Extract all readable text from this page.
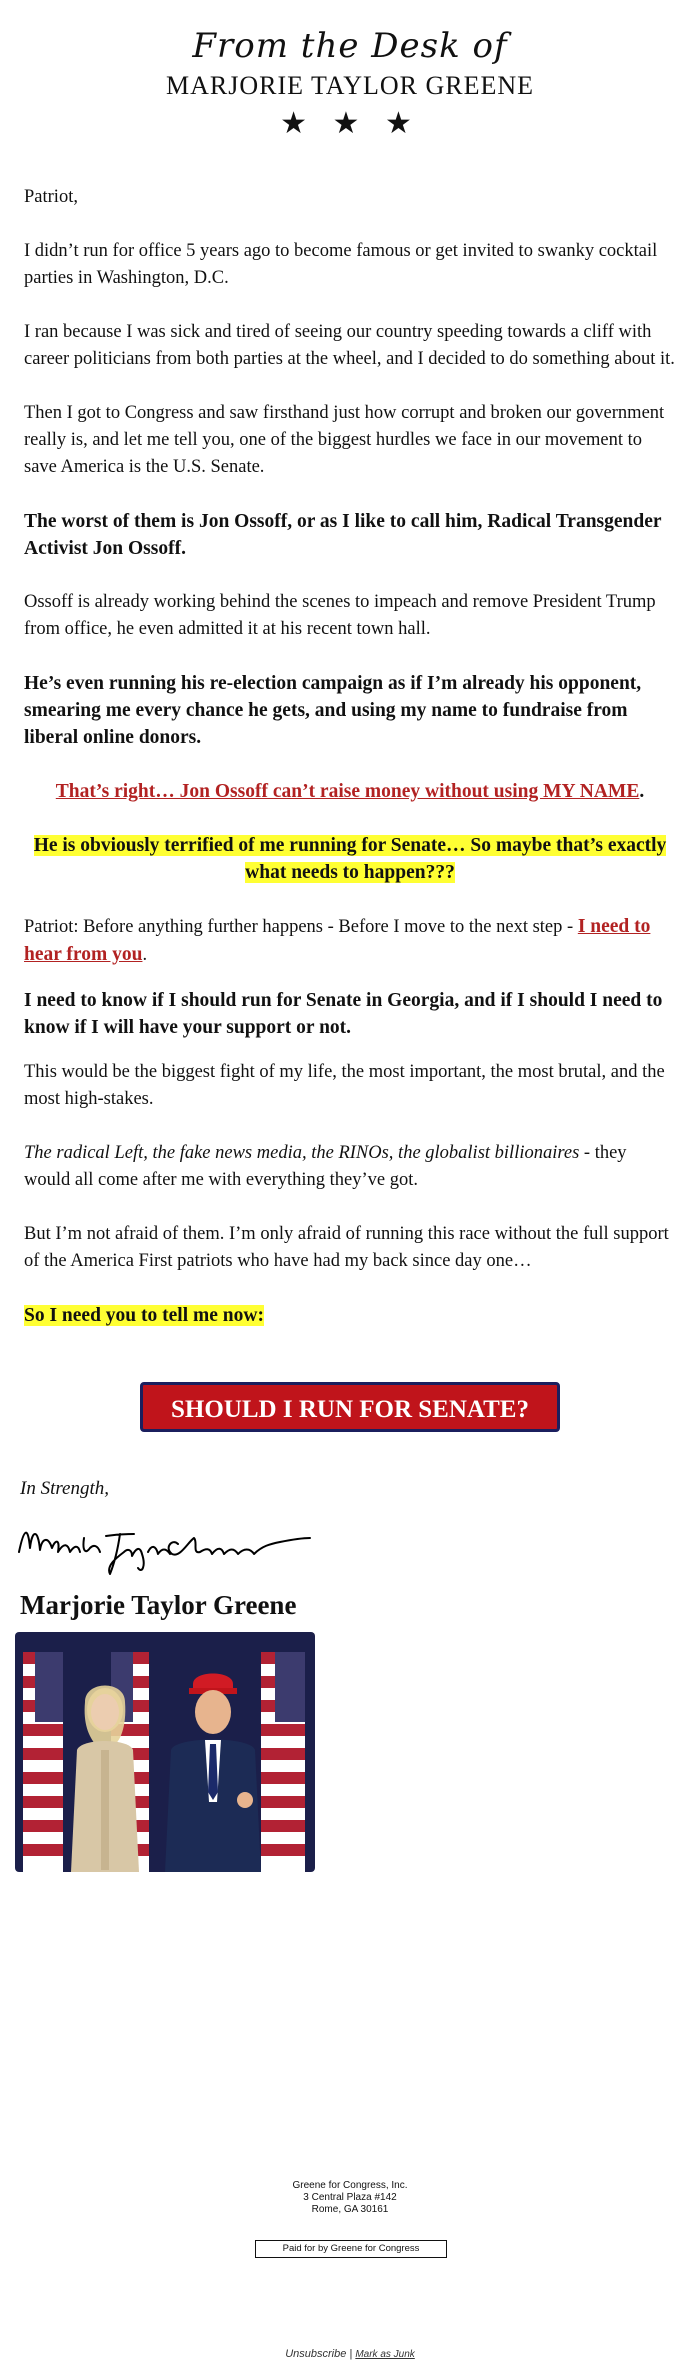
From the Desk of
MARJORIE TAYLOR GREENE
★ ★ ★

Patriot,

I didn’t run for office 5 years ago to become famous or get invited to swanky cocktail parties in Washington, D.C.

I ran because I was sick and tired of seeing our country speeding towards a cliff with career politicians from both parties at the wheel, and I decided to do something about it.

Then I got to Congress and saw firsthand just how corrupt and broken our government really is, and let me tell you, one of the biggest hurdles we face in our movement to save America is the U.S. Senate.

The worst of them is Jon Ossoff, or as I like to call him, Radical Transgender Activist Jon Ossoff.

Ossoff is already working behind the scenes to impeach and remove President Trump from office, he even admitted it at his recent town hall.

He’s even running his re-election campaign as if I’m already his opponent, smearing me every chance he gets, and using my name to fundraise from liberal online donors.

That’s right… Jon Ossoff can’t raise money without using MY NAME.

He is obviously terrified of me running for Senate… So maybe that’s exactly what needs to happen???

Patriot: Before anything further happens - Before I move to the next step - I need to hear from you.

I need to know if I should run for Senate in Georgia, and if I should I need to know if I will have your support or not.

This would be the biggest fight of my life, the most important, the most brutal, and the most high-stakes.

The radical Left, the fake news media, the RINOs, the globalist billionaires - they would all come after me with everything they’ve got.

But I’m not afraid of them. I’m only afraid of running this race without the full support of the America First patriots who have had my back since day one…

So I need you to tell me now:

SHOULD I RUN FOR SENATE?
In Strength,
Marjorie Taylor Greene
Greene for Congress, Inc.
3 Central Plaza #142
Rome, GA 30161
Paid for by Greene for Congress
Unsubscribe | Mark as Junk
